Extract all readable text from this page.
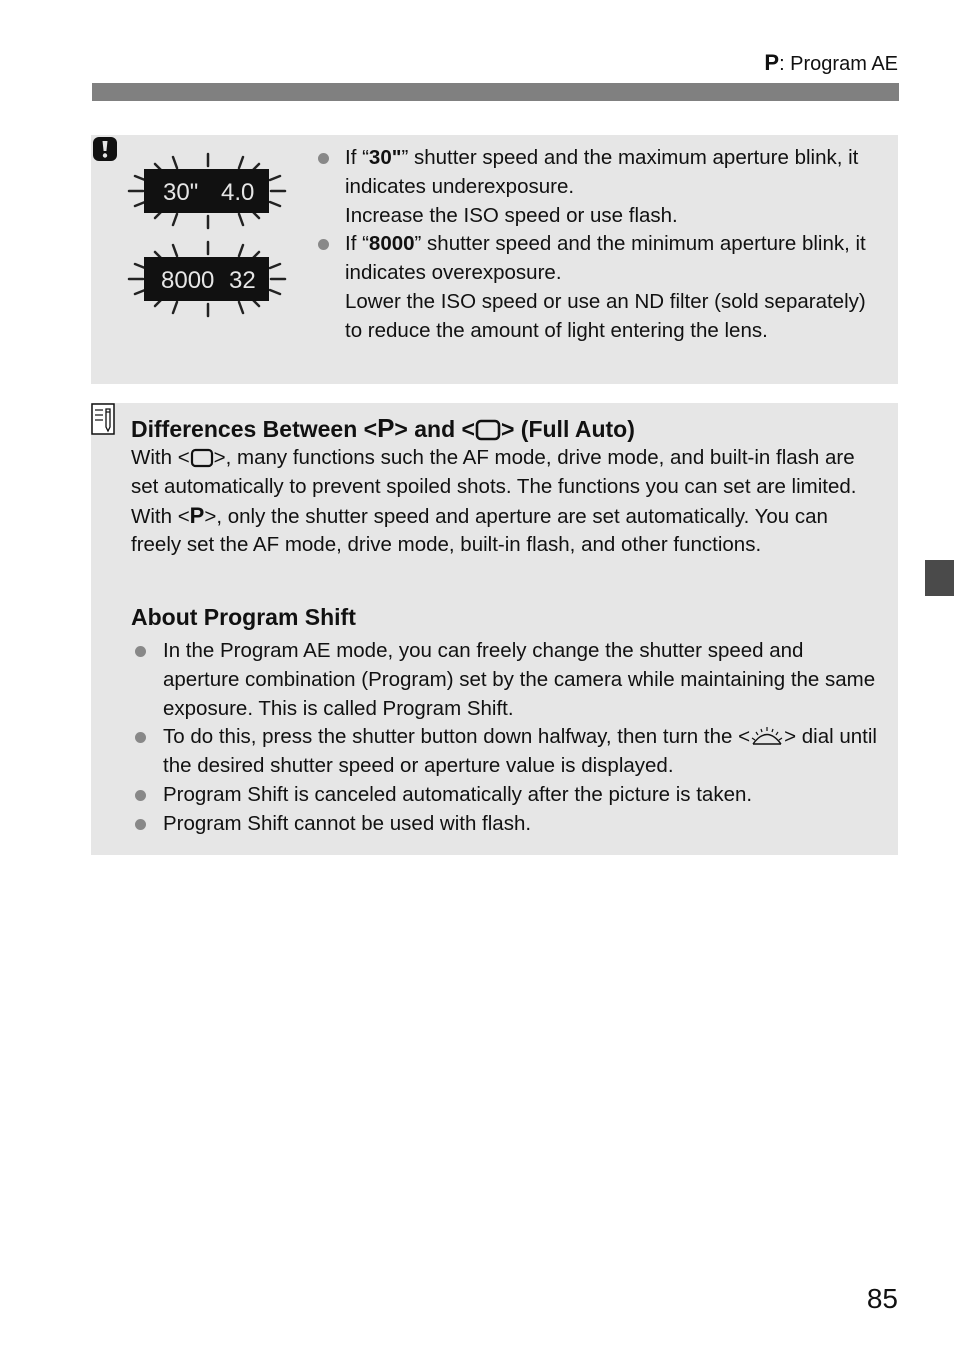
P: Program AE
30" 4.0
8000 32
If “30"” shutter speed and the maximum aperture blink, it indicates underexposure.
Increase the ISO speed or use flash.
If “8000” shutter speed and the minimum aperture blink, it indicates overexposure.
Lower the ISO speed or use an ND filter (sold separately) to reduce the amount of light entering the lens.
Differences Between <P> and < > (Full Auto)

With < >, many functions such the AF mode, drive mode, and built-in flash are set automatically to prevent spoiled shots. The functions you can set are limited. With <P>, only the shutter speed and aperture are set automatically. You can freely set the AF mode, drive mode, built-in flash, and other functions.

About Program Shift
In the Program AE mode, you can freely change the shutter speed and aperture combination (Program) set by the camera while maintaining the same exposure. This is called Program Shift.
To do this, press the shutter button down halfway, then turn the < > dial until the desired shutter speed or aperture value is displayed.
Program Shift is canceled automatically after the picture is taken.
Program Shift cannot be used with flash.
85
